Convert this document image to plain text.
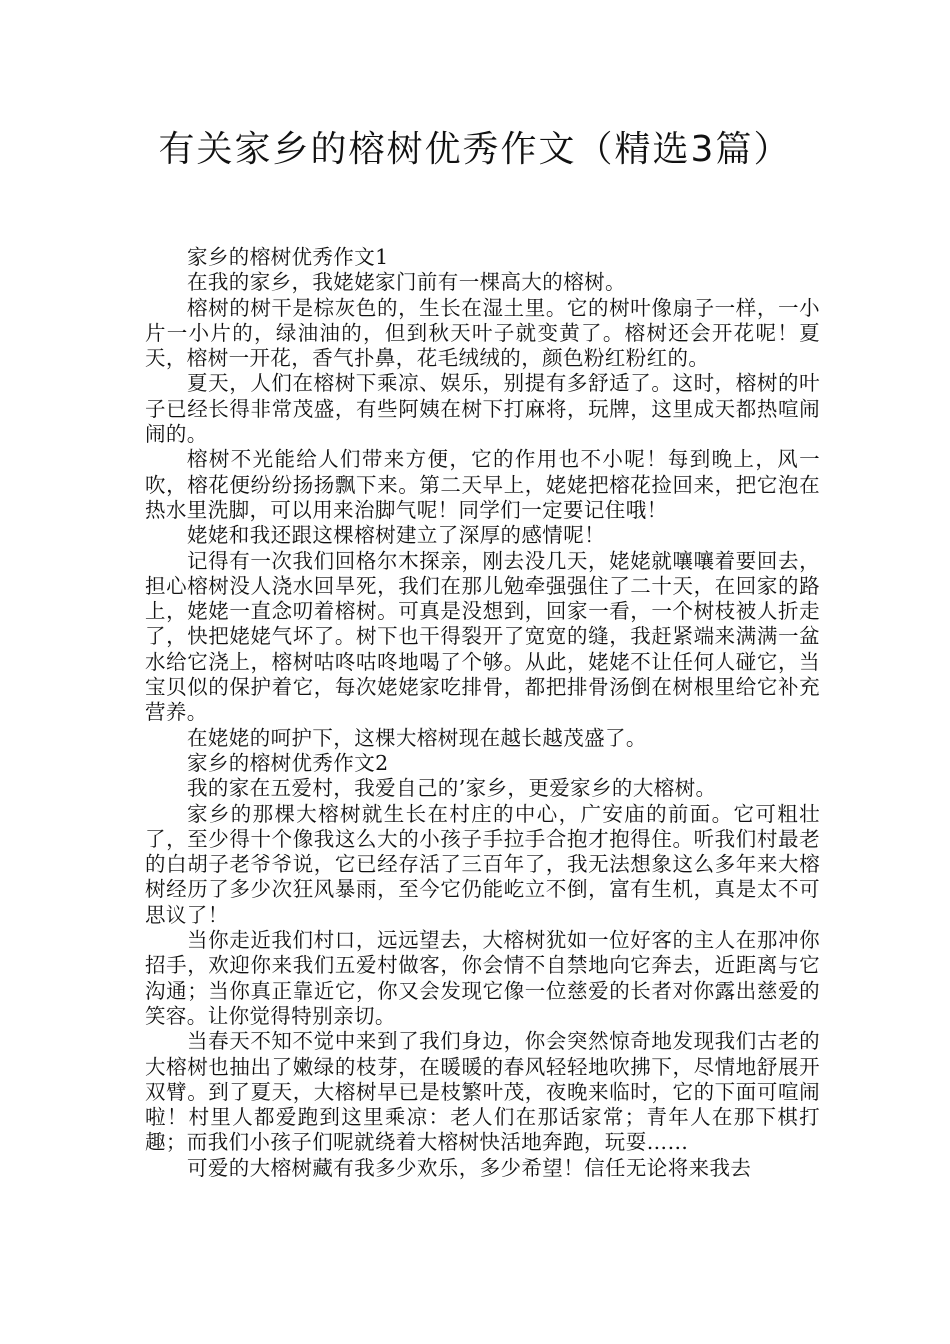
有关家乡的榕树优秀作文（精选3篇）

家乡的榕树优秀作文1

在我的家乡，我姥姥家门前有一棵高大的榕树。

榕树的树干是棕灰色的，生长在湿土里。它的树叶像扇子一样，一小片一小片的，绿油油的，但到秋天叶子就变黄了。榕树还会开花呢！夏天，榕树一开花，香气扑鼻，花毛绒绒的，颜色粉红粉红的。

夏天，人们在榕树下乘凉、娱乐，别提有多舒适了。这时，榕树的叶子已经长得非常茂盛，有些阿姨在树下打麻将，玩牌，这里成天都热喧闹闹的。

榕树不光能给人们带来方便，它的作用也不小呢！每到晚上，风一吹，榕花便纷纷扬扬飘下来。第二天早上，姥姥把榕花捡回来，把它泡在热水里洗脚，可以用来治脚气呢！同学们一定要记住哦！

姥姥和我还跟这棵榕树建立了深厚的感情呢！

记得有一次我们回格尔木探亲，刚去没几天，姥姥就嚷嚷着要回去，担心榕树没人浇水回旱死，我们在那儿勉牵强强住了二十天，在回家的路上，姥姥一直念叨着榕树。可真是没想到，回家一看，一个树枝被人折走了，快把姥姥气坏了。树下也干得裂开了宽宽的缝，我赶紧端来满满一盆水给它浇上，榕树咕咚咕咚地喝了个够。从此，姥姥不让任何人碰它，当宝贝似的保护着它，每次姥姥家吃排骨，都把排骨汤倒在树根里给它补充营养。

在姥姥的呵护下，这棵大榕树现在越长越茂盛了。

家乡的榕树优秀作文2

我的家在五爱村，我爱自己的’家乡，更爱家乡的大榕树。

家乡的那棵大榕树就生长在村庄的中心，广安庙的前面。它可粗壮了，至少得十个像我这么大的小孩子手拉手合抱才抱得住。听我们村最老的白胡子老爷爷说，它已经存活了三百年了，我无法想象这么多年来大榕树经历了多少次狂风暴雨，至今它仍能屹立不倒，富有生机，真是太不可思议了！

当你走近我们村口，远远望去，大榕树犹如一位好客的主人在那冲你招手，欢迎你来我们五爱村做客，你会情不自禁地向它奔去，近距离与它沟通；当你真正靠近它，你又会发现它像一位慈爱的长者对你露出慈爱的笑容。让你觉得特别亲切。

当春天不知不觉中来到了我们身边，你会突然惊奇地发现我们古老的大榕树也抽出了嫩绿的枝芽，在暖暖的春风轻轻地吹拂下，尽情地舒展开双臂。到了夏天，大榕树早已是枝繁叶茂，夜晚来临时，它的下面可喧闹啦！村里人都爱跑到这里乘凉：老人们在那话家常；青年人在那下棋打趣；而我们小孩子们呢就绕着大榕树快活地奔跑，玩耍……

可爱的大榕树藏有我多少欢乐，多少希望！信任无论将来我去
